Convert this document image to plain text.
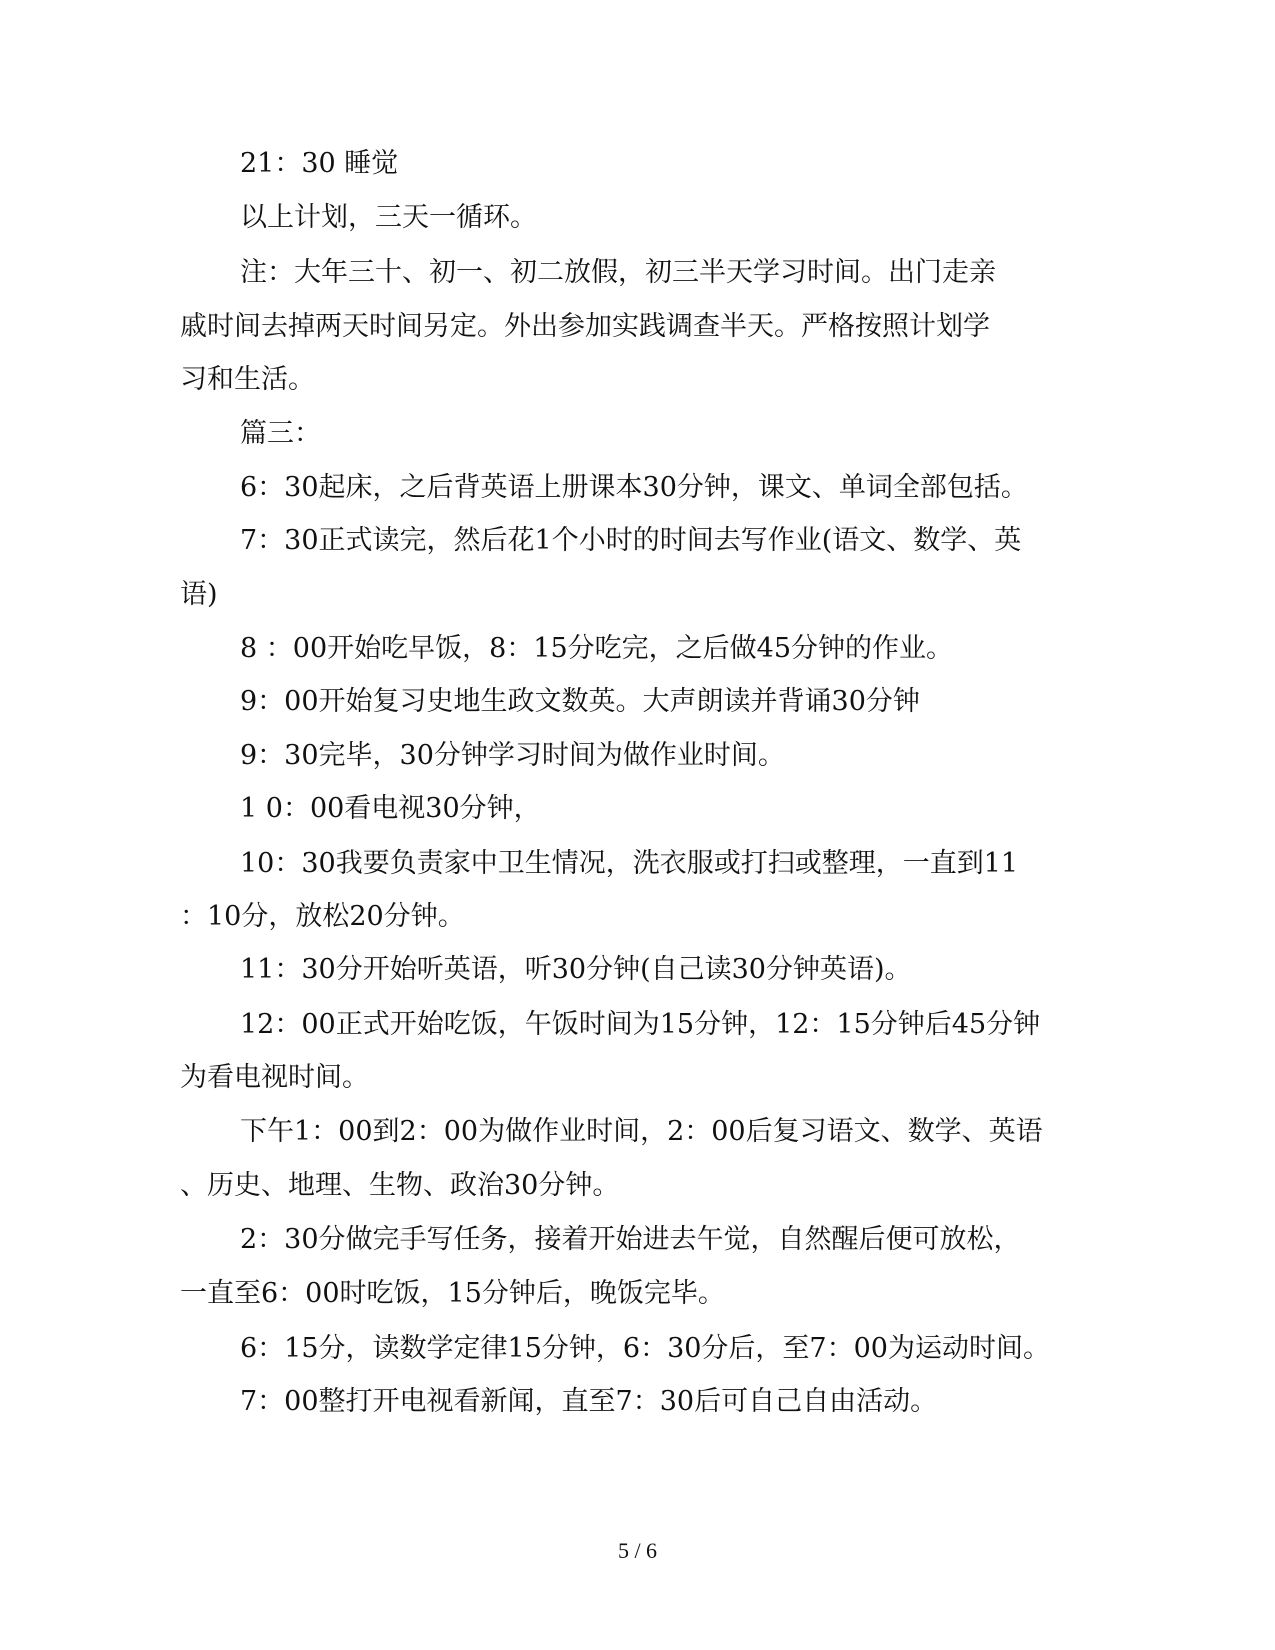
21：30 睡觉
以上计划，三天一循环。
注：大年三十、初一、初二放假，初三半天学习时间。出门走亲
戚时间去掉两天时间另定。外出参加实践调查半天。严格按照计划学
习和生活。
篇三：
6：30起床，之后背英语上册课本30分钟，课文、单词全部包括。
7：30正式读完，然后花1个小时的时间去写作业(语文、数学、英
语)
8 ：00开始吃早饭，8：15分吃完，之后做45分钟的作业。
9：00开始复习史地生政文数英。大声朗读并背诵30分钟
9：30完毕，30分钟学习时间为做作业时间。
1 0：00看电视30分钟，
10：30我要负责家中卫生情况，洗衣服或打扫或整理，一直到11
：10分，放松20分钟。
11：30分开始听英语，听30分钟(自己读30分钟英语)。
12：00正式开始吃饭，午饭时间为15分钟，12：15分钟后45分钟
为看电视时间。
下午1：00到2：00为做作业时间，2：00后复习语文、数学、英语
、历史、地理、生物、政治30分钟。
2：30分做完手写任务，接着开始进去午觉，自然醒后便可放松，
一直至6：00时吃饭，15分钟后，晚饭完毕。
6：15分，读数学定律15分钟，6：30分后，至7：00为运动时间。
7：00整打开电视看新闻，直至7：30后可自己自由活动。
5 / 6
